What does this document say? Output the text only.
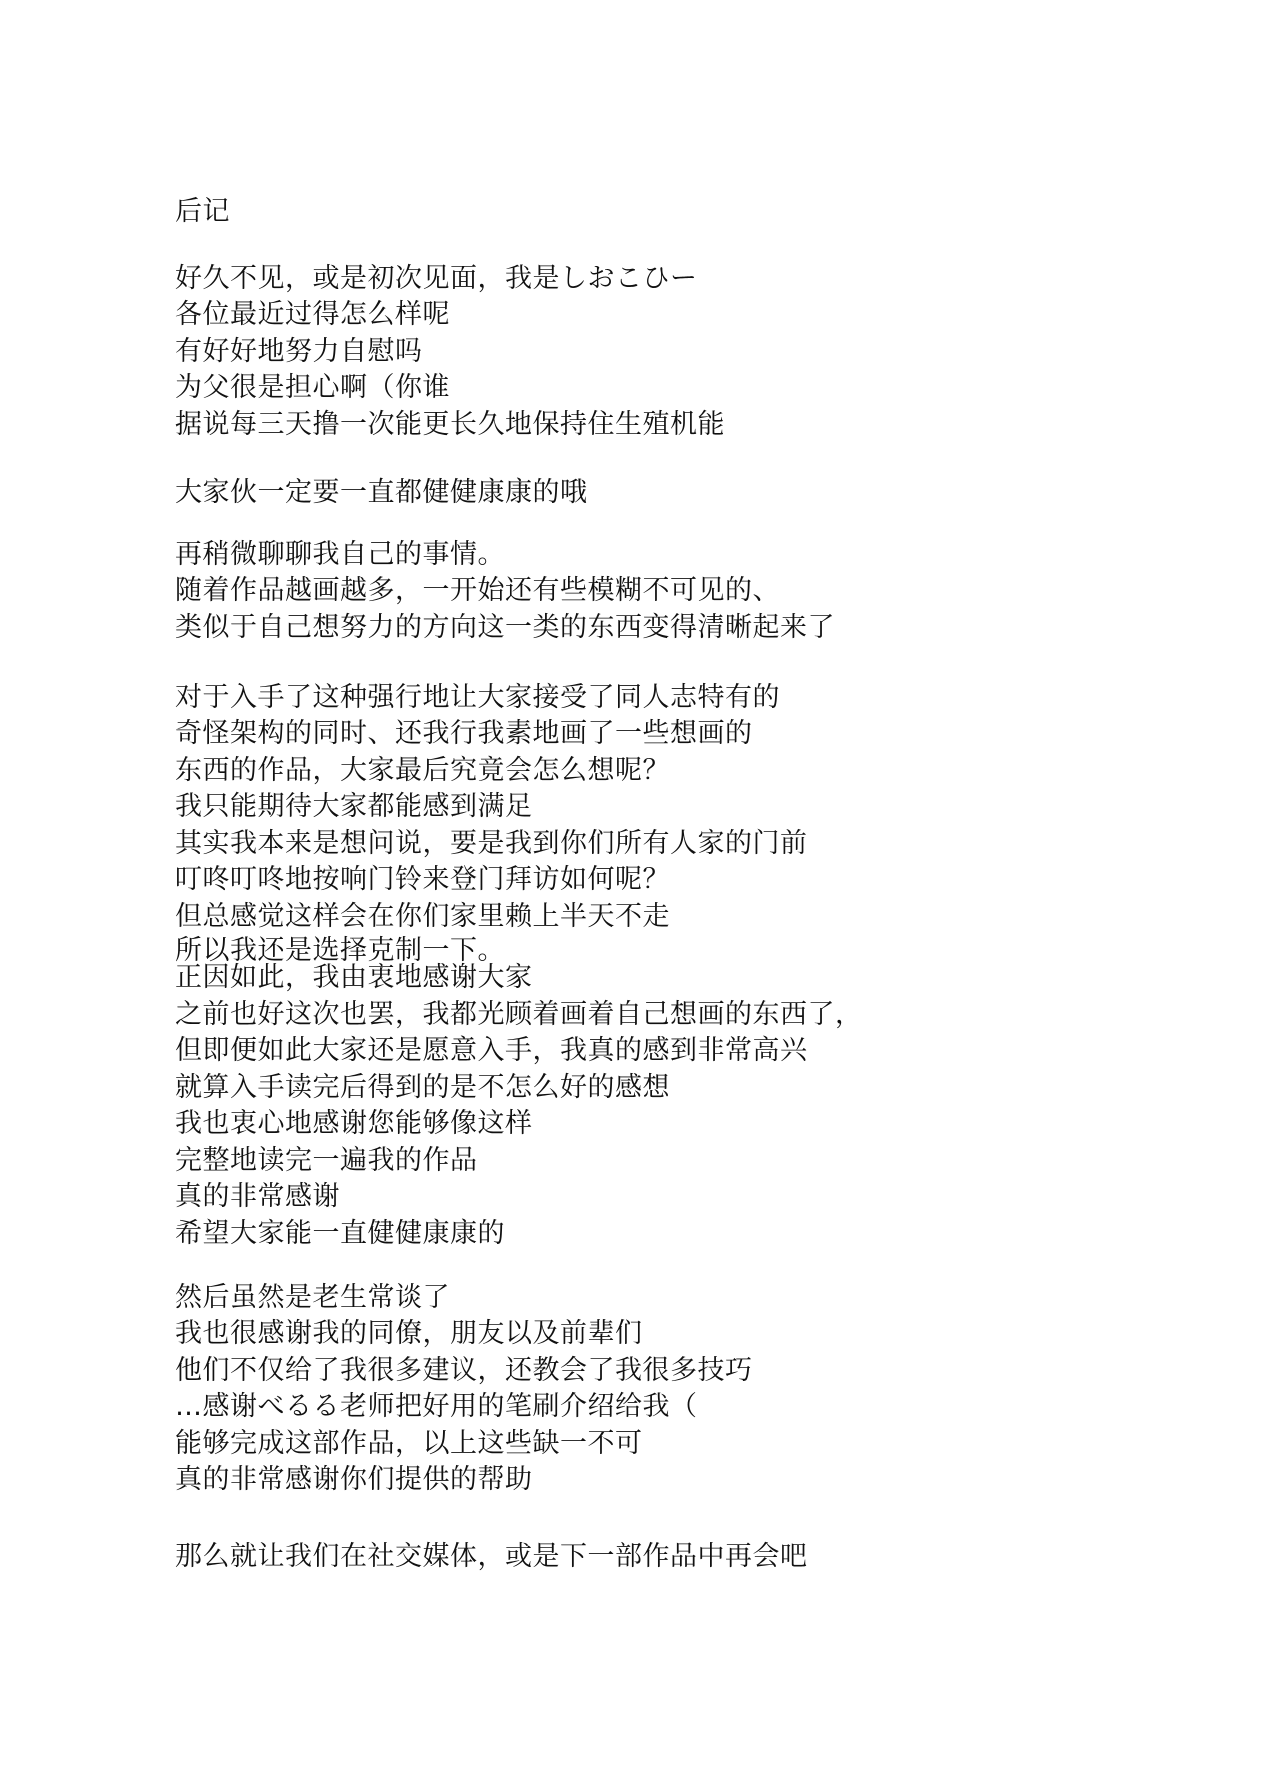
后记
好久不见，或是初次见面，我是しおこひー
各位最近过得怎么样呢
有好好地努力自慰吗
为父很是担心啊（你谁
据说每三天撸一次能更长久地保持住生殖机能
大家伙一定要一直都健健康康的哦
再稍微聊聊我自己的事情。
随着作品越画越多，一开始还有些模糊不可见的、
类似于自己想努力的方向这一类的东西变得清晰起来了
对于入手了这种强行地让大家接受了同人志特有的
奇怪架构的同时、还我行我素地画了一些想画的
东西的作品，大家最后究竟会怎么想呢？
我只能期待大家都能感到满足
其实我本来是想问说，要是我到你们所有人家的门前
叮咚叮咚地按响门铃来登门拜访如何呢？
但总感觉这样会在你们家里赖上半天不走
所以我还是选择克制一下。
正因如此，我由衷地感谢大家
之前也好这次也罢，我都光顾着画着自己想画的东西了，
但即便如此大家还是愿意入手，我真的感到非常高兴
就算入手读完后得到的是不怎么好的感想
我也衷心地感谢您能够像这样
完整地读完一遍我的作品
真的非常感谢
希望大家能一直健健康康的
然后虽然是老生常谈了
我也很感谢我的同僚，朋友以及前辈们
他们不仅给了我很多建议，还教会了我很多技巧
…感谢べるる老师把好用的笔刷介绍给我（
能够完成这部作品，以上这些缺一不可
真的非常感谢你们提供的帮助
那么就让我们在社交媒体，或是下一部作品中再会吧
